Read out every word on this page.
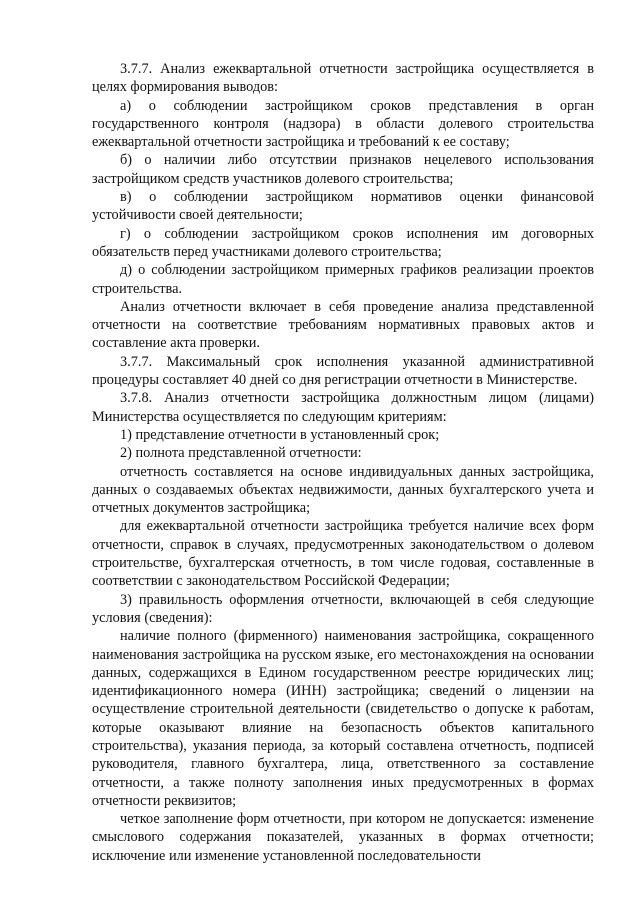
3.7.7. Анализ ежеквартальной отчетности застройщика осуществляется в целях формирования выводов:

а) о соблюдении застройщиком сроков представления в орган государственного контроля (надзора) в области долевого строительства ежеквартальной отчетности застройщика и требований к ее составу;

б) о наличии либо отсутствии признаков нецелевого использования застройщиком средств участников долевого строительства;

в) о соблюдении застройщиком нормативов оценки финансовой устойчивости своей деятельности;

г) о соблюдении застройщиком сроков исполнения им договорных обязательств перед участниками долевого строительства;

д) о соблюдении застройщиком примерных графиков реализации проектов строительства.

Анализ отчетности включает в себя проведение анализа представленной отчетности на соответствие требованиям нормативных правовых актов и составление акта проверки.

3.7.7. Максимальный срок исполнения указанной административной процедуры составляет 40 дней со дня регистрации отчетности в Министерстве.

3.7.8. Анализ отчетности застройщика должностным лицом (лицами) Министерства осуществляется по следующим критериям:

1) представление отчетности в установленный срок;

2) полнота представленной отчетности:

отчетность составляется на основе индивидуальных данных застройщика, данных о создаваемых объектах недвижимости, данных бухгалтерского учета и отчетных документов застройщика;

для ежеквартальной отчетности застройщика требуется наличие всех форм отчетности, справок в случаях, предусмотренных законодательством о долевом строительстве, бухгалтерская отчетность, в том числе годовая, составленные в соответствии с законодательством Российской Федерации;

3) правильность оформления отчетности, включающей в себя следующие условия (сведения):

наличие полного (фирменного) наименования застройщика, сокращенного наименования застройщика на русском языке, его местонахождения на основании данных, содержащихся в Едином государственном реестре юридических лиц; идентификационного номера (ИНН) застройщика; сведений о лицензии на осуществление строительной деятельности (свидетельство о допуске к работам, которые оказывают влияние на безопасность объектов капитального строительства), указания периода, за который составлена отчетность, подписей руководителя, главного бухгалтера, лица, ответственного за составление отчетности, а также полноту заполнения иных предусмотренных в формах отчетности реквизитов;

четкое заполнение форм отчетности, при котором не допускается: изменение смыслового содержания показателей, указанных в формах отчетности; исключение или изменение установленной последовательности
